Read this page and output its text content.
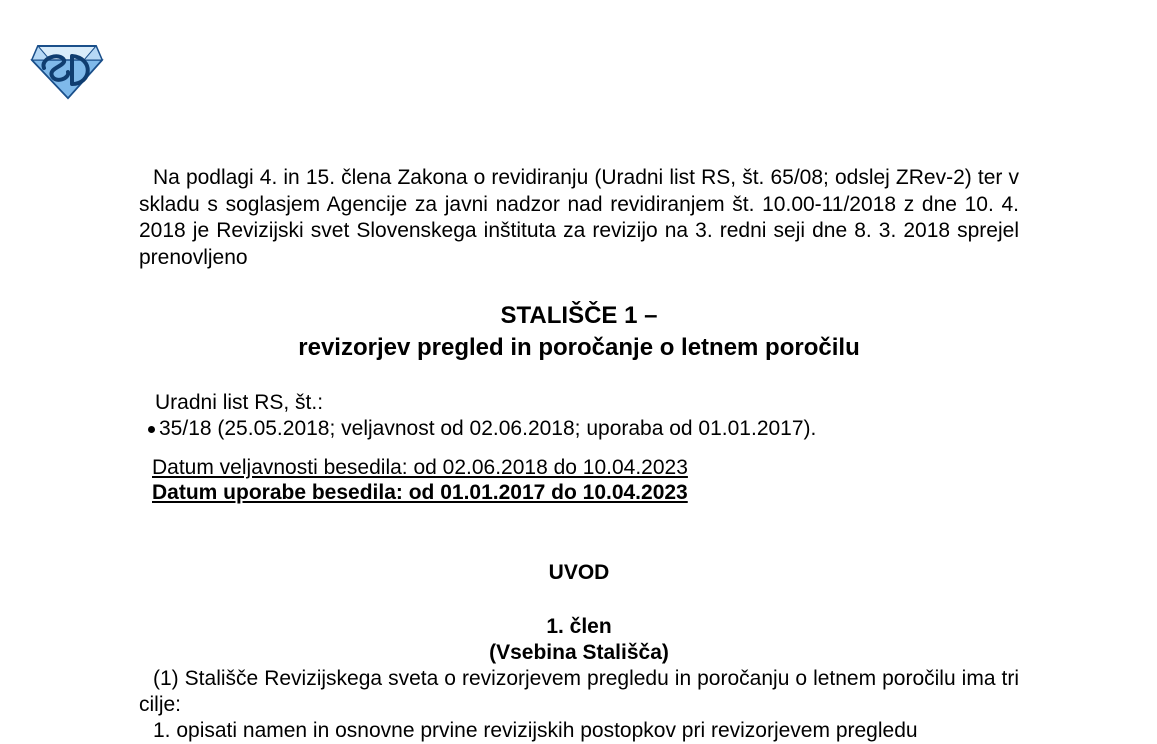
Na podlagi 4. in 15. člena Zakona o revidiranju (Uradni list RS, št. 65/08; odslej ZRev-2) ter v skladu s soglasjem Agencije za javni nadzor nad revidiranjem št. 10.00-11/2018 z dne 10. 4. 2018 je Revizijski svet Slovenskega inštituta za revizijo na 3. redni seji dne 8. 3. 2018 sprejel prenovljeno

STALIŠČE 1 –
revizorjev pregled in poročanje o letnem poročilu
Uradni list RS, št.:
35/18 (25.05.2018; veljavnost od 02.06.2018; uporaba od 01.01.2017).
Datum veljavnosti besedila: od 02.06.2018 do 10.04.2023
Datum uporabe besedila: od 01.01.2017 do 10.04.2023
UVOD
1. člen
(Vsebina Stališča)

(1) Stališče Revizijskega sveta o revizorjevem pregledu in poročanju o letnem poročilu ima tri cilje:

1. opisati namen in osnovne prvine revizijskih postopkov pri revizorjevem pregledu
